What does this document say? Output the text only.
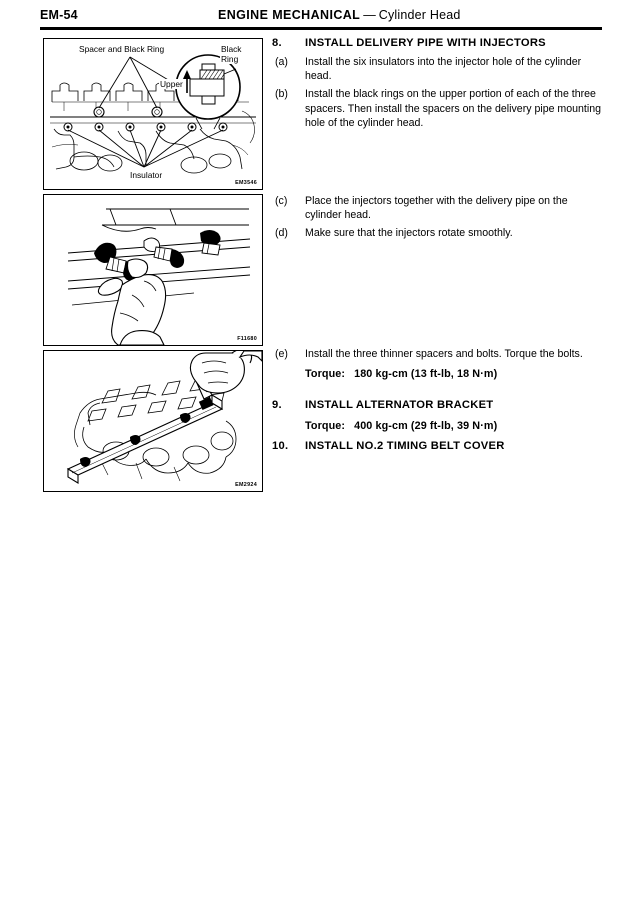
EM-54	ENGINE MECHANICAL — Cylinder Head
Spacer and Black Ring	Black
Ring
Upper
Insulator
EM3546
F11680
EM2924
8. INSTALL DELIVERY PIPE WITH INJECTORS
(a) Install the six insulators into the injector hole of the cylinder head.
(b) Install the black rings on the upper portion of each of the three spacers. Then install the spacers on the delivery pipe mounting hole of the cylinder head.
(c) Place the injectors together with the delivery pipe on the cylinder head.
(d) Make sure that the injectors rotate smoothly.
(e) Install the three thinner spacers and bolts. Torque the bolts.
Torque: 180 kg-cm (13 ft-lb, 18 N·m)
9. INSTALL ALTERNATOR BRACKET
Torque: 400 kg-cm (29 ft-lb, 39 N·m)
10. INSTALL NO.2 TIMING BELT COVER
